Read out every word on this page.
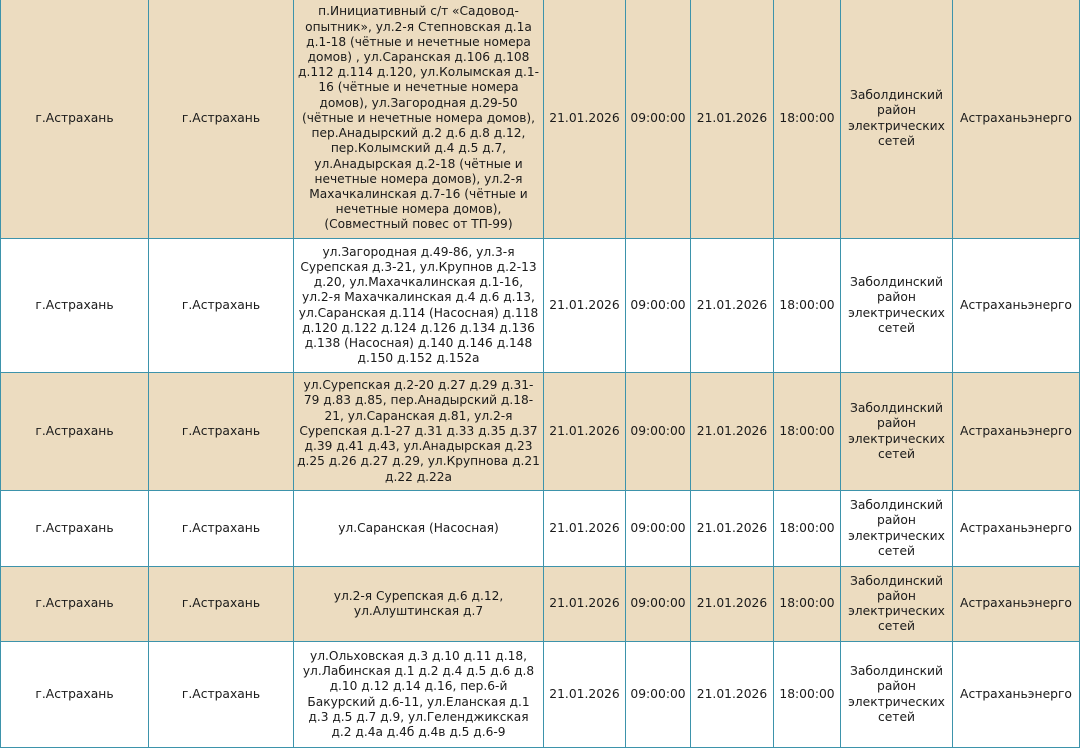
г.Астрахань	г.Астрахань	п.Инициативный с/т «Садовод-опытник», ул.2-я Степновская д.1а д.1-18 (чётные и нечетные номера домов) , ул.Саранская д.106 д.108 д.112 д.114 д.120, ул.Колымская д.1-16 (чётные и нечетные номера домов), ул.Загородная д.29-50 (чётные и нечетные номера домов), пер.Анадырский д.2 д.6 д.8 д.12, пер.Колымский д.4 д.5 д.7, ул.Анадырская д.2-18 (чётные и нечетные номера домов), ул.2-я Махачкалинская д.7-16 (чётные и нечетные номера домов), (Совместный повес от ТП-99)	21.01.2026	09:00:00	21.01.2026	18:00:00	Заболдинский район электрических сетей	Астраханьэнерго
г.Астрахань	г.Астрахань	ул.Загородная д.49-86, ул.3-я Сурепская д.3-21, ул.Крупнов д.2-13 д.20, ул.Махачкалинская д.1-16, ул.2-я Махачкалинская д.4 д.6 д.13, ул.Саранская д.114 (Насосная) д.118 д.120 д.122 д.124 д.126 д.134 д.136 д.138 (Насосная) д.140 д.146 д.148 д.150 д.152 д.152а	21.01.2026	09:00:00	21.01.2026	18:00:00	Заболдинский район электрических сетей	Астраханьэнерго
г.Астрахань	г.Астрахань	ул.Сурепская д.2-20 д.27 д.29 д.31-79 д.83 д.85, пер.Анадырский д.18-21, ул.Саранская д.81, ул.2-я Сурепская д.1-27 д.31 д.33 д.35 д.37 д.39 д.41 д.43, ул.Анадырская д.23 д.25 д.26 д.27 д.29, ул.Крупнова д.21 д.22 д.22а	21.01.2026	09:00:00	21.01.2026	18:00:00	Заболдинский район электрических сетей	Астраханьэнерго
г.Астрахань	г.Астрахань	ул.Саранская (Насосная)	21.01.2026	09:00:00	21.01.2026	18:00:00	Заболдинский район электрических сетей	Астраханьэнерго
г.Астрахань	г.Астрахань	ул.2-я Сурепская д.6 д.12, ул.Алуштинская д.7	21.01.2026	09:00:00	21.01.2026	18:00:00	Заболдинский район электрических сетей	Астраханьэнерго
г.Астрахань	г.Астрахань	ул.Ольховская д.3 д.10 д.11 д.18, ул.Лабинская д.1 д.2 д.4 д.5 д.6 д.8 д.10 д.12 д.14 д.16, пер.6-й Бакурский д.6-11, ул.Еланская д.1 д.3 д.5 д.7 д.9, ул.Геленджикская д.2 д.4а д.4б д.4в д.5 д.6-9	21.01.2026	09:00:00	21.01.2026	18:00:00	Заболдинский район электрических сетей	Астраханьэнерго
